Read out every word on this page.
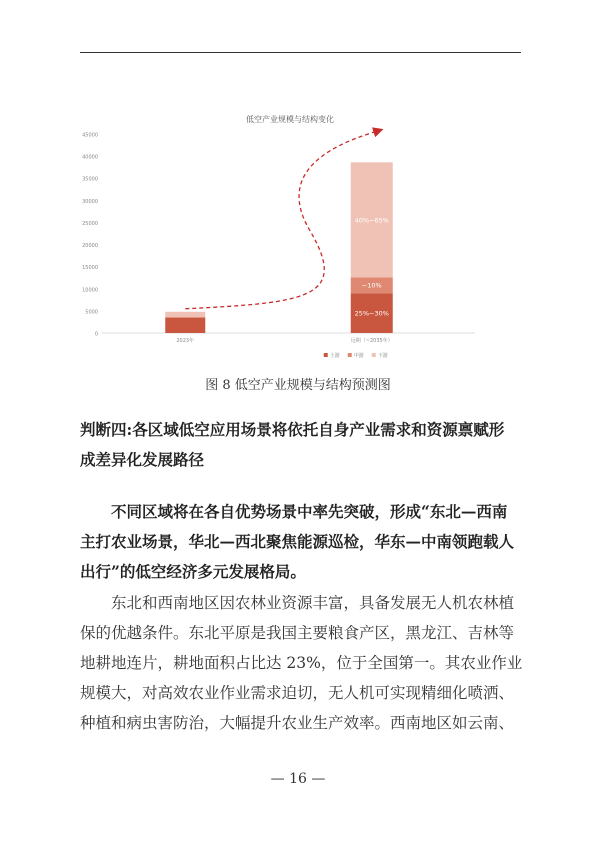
低空产业规模与结构变化
0
5000
10000
15000
20000
25000
30000
35000
40000
45000
25%~30%
~10%
40%~65%
2023年	远期（~2035年）
上游	中游	下游
图 8 低空产业规模与结构预测图
判断四:各区域低空应用场景将依托自身产业需求和资源禀赋形
成差异化发展路径
不同区域将在各自优势场景中率先突破，形成“东北—西南
主打农业场景，华北—西北聚焦能源巡检，华东—中南领跑载人
出行”的低空经济多元发展格局。
东北和西南地区因农林业资源丰富，具备发展无人机农林植
保的优越条件。东北平原是我国主要粮食产区，黑龙江、吉林等
地耕地连片，耕地面积占比达 23%，位于全国第一。其农业作业
规模大，对高效农业作业需求迫切，无人机可实现精细化喷洒、
种植和病虫害防治，大幅提升农业生产效率。西南地区如云南、
— 16 —
